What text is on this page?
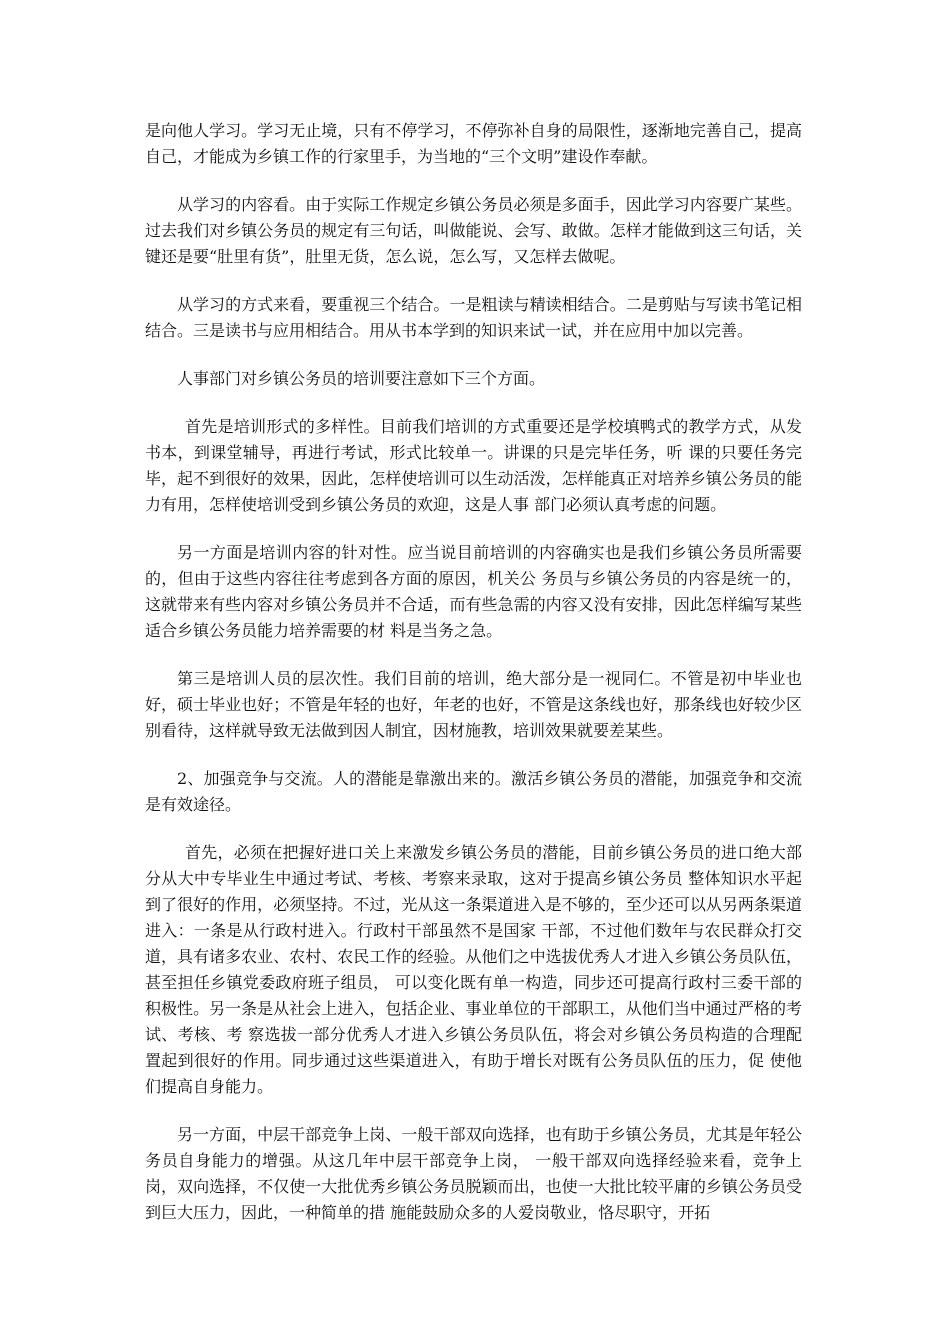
是向他人学习。学习无止境，只有不停学习，不停弥补自身的局限性，逐渐地完善自己，提高自己，才能成为乡镇工作的行家里手，为当地的“三个文明”建设作奉献。

从学习的内容看。由于实际工作规定乡镇公务员必须是多面手，因此学习内容要广某些。过去我们对乡镇公务员的规定有三句话，叫做能说、会写、敢做。怎样才能做到这三句话，关键还是要“肚里有货”，肚里无货，怎么说，怎么写，又怎样去做呢。

从学习的方式来看，要重视三个结合。一是粗读与精读相结合。二是剪贴与写读书笔记相结合。三是读书与应用相结合。用从书本学到的知识来试一试，并在应用中加以完善。

人事部门对乡镇公务员的培训要注意如下三个方面。

首先是培训形式的多样性。目前我们培训的方式重要还是学校填鸭式的教学方式，从发书本，到课堂辅导，再进行考试，形式比较单一。讲课的只是完毕任务，听 课的只要任务完毕，起不到很好的效果，因此，怎样使培训可以生动活泼，怎样能真正对培养乡镇公务员的能力有用，怎样使培训受到乡镇公务员的欢迎，这是人事 部门必须认真考虑的问题。

另一方面是培训内容的针对性。应当说目前培训的内容确实也是我们乡镇公务员所需要的，但由于这些内容往往考虑到各方面的原因，机关公 务员与乡镇公务员的内容是统一的，这就带来有些内容对乡镇公务员并不合适，而有些急需的内容又没有安排，因此怎样编写某些适合乡镇公务员能力培养需要的材 料是当务之急。

第三是培训人员的层次性。我们目前的培训，绝大部分是一视同仁。不管是初中毕业也好，硕士毕业也好；不管是年轻的也好，年老的也好，不管是这条线也好，那条线也好较少区别看待，这样就导致无法做到因人制宜，因材施教，培训效果就要差某些。

2、加强竞争与交流。人的潜能是靠激出来的。激活乡镇公务员的潜能，加强竞争和交流是有效途径。

首先，必须在把握好进口关上来激发乡镇公务员的潜能，目前乡镇公务员的进口绝大部分从大中专毕业生中通过考试、考核、考察来录取，这对于提高乡镇公务员 整体知识水平起到了很好的作用，必须坚持。不过，光从这一条渠道进入是不够的，至少还可以从另两条渠道进入：一条是从行政村进入。行政村干部虽然不是国家 干部，不过他们数年与农民群众打交道，具有诸多农业、农村、农民工作的经验。从他们之中选拔优秀人才进入乡镇公务员队伍，甚至担任乡镇党委政府班子组员， 可以变化既有单一构造，同步还可提高行政村三委干部的积极性。另一条是从社会上进入，包括企业、事业单位的干部职工，从他们当中通过严格的考试、考核、考 察选拔一部分优秀人才进入乡镇公务员队伍，将会对乡镇公务员构造的合理配置起到很好的作用。同步通过这些渠道进入，有助于增长对既有公务员队伍的压力，促 使他们提高自身能力。

另一方面，中层干部竞争上岗、一般干部双向选择，也有助于乡镇公务员，尤其是年轻公务员自身能力的增强。从这几年中层干部竞争上岗， 一般干部双向选择经验来看，竞争上岗，双向选择，不仅使一大批优秀乡镇公务员脱颖而出，也使一大批比较平庸的乡镇公务员受到巨大压力，因此，一种简单的措 施能鼓励众多的人爱岗敬业，恪尽职守，开拓
